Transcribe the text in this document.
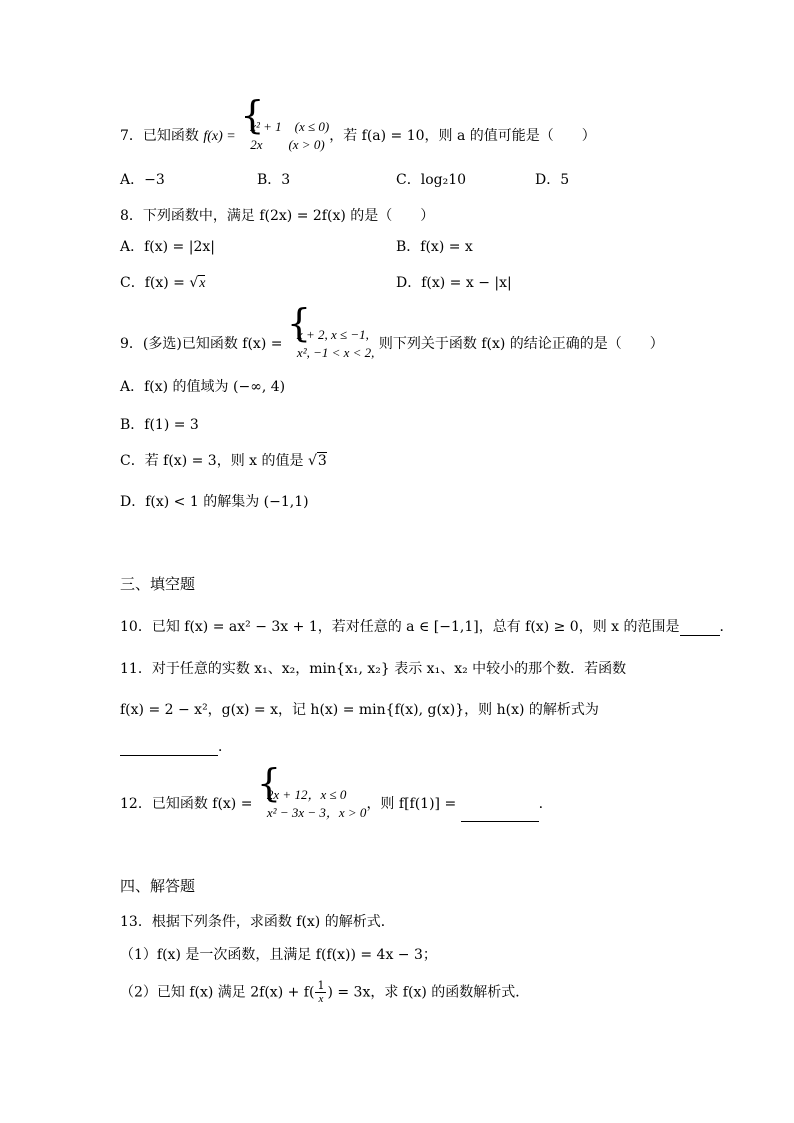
7．已知函数 f(x) = {
x² + 1　(x ≤ 0)
2x　　(x > 0)
，若 f(a) = 10，则 a 的值可能是（　　）
A．−3	B．3	C．log₂10	D．5
8．下列函数中，满足 f(2x) = 2f(x) 的是（　　）
A．f(x) = |2x|	B．f(x) = x
C．f(x) = √x	D．f(x) = x − |x|
9．(多选)已知函数 f(x) = {
x + 2, x ≤ −1,
x², −1 < x < 2,
则下列关于函数 f(x) 的结论正确的是（　　）
A．f(x) 的值域为 (−∞, 4)
B．f(1) = 3
C．若 f(x) = 3，则 x 的值是 √3
D．f(x) < 1 的解集为 (−1,1)
三、填空题
10．已知 f(x) = ax² − 3x + 1，若对任意的 a ∈ [−1,1]，总有 f(x) ≥ 0，则 x 的范围是	．
11．对于任意的实数 x₁、x₂，min{x₁, x₂} 表示 x₁、x₂ 中较小的那个数．若函数
f(x) = 2 − x²，g(x) = x，记 h(x) = min{f(x), g(x)}，则 h(x) 的解析式为
．
12．已知函数 f(x) = {
2x + 12，x ≤ 0
x² − 3x − 3，x > 0
，则 f[f(1)] =	.
四、解答题
13．根据下列条件，求函数 f(x) 的解析式．
（1）f(x) 是一次函数，且满足 f(f(x)) = 4x − 3；
（2）已知 f(x) 满足 $2f(x) + f( \frac{1}{x}$ ) = 3x，求 f(x) 的函数解析式．
